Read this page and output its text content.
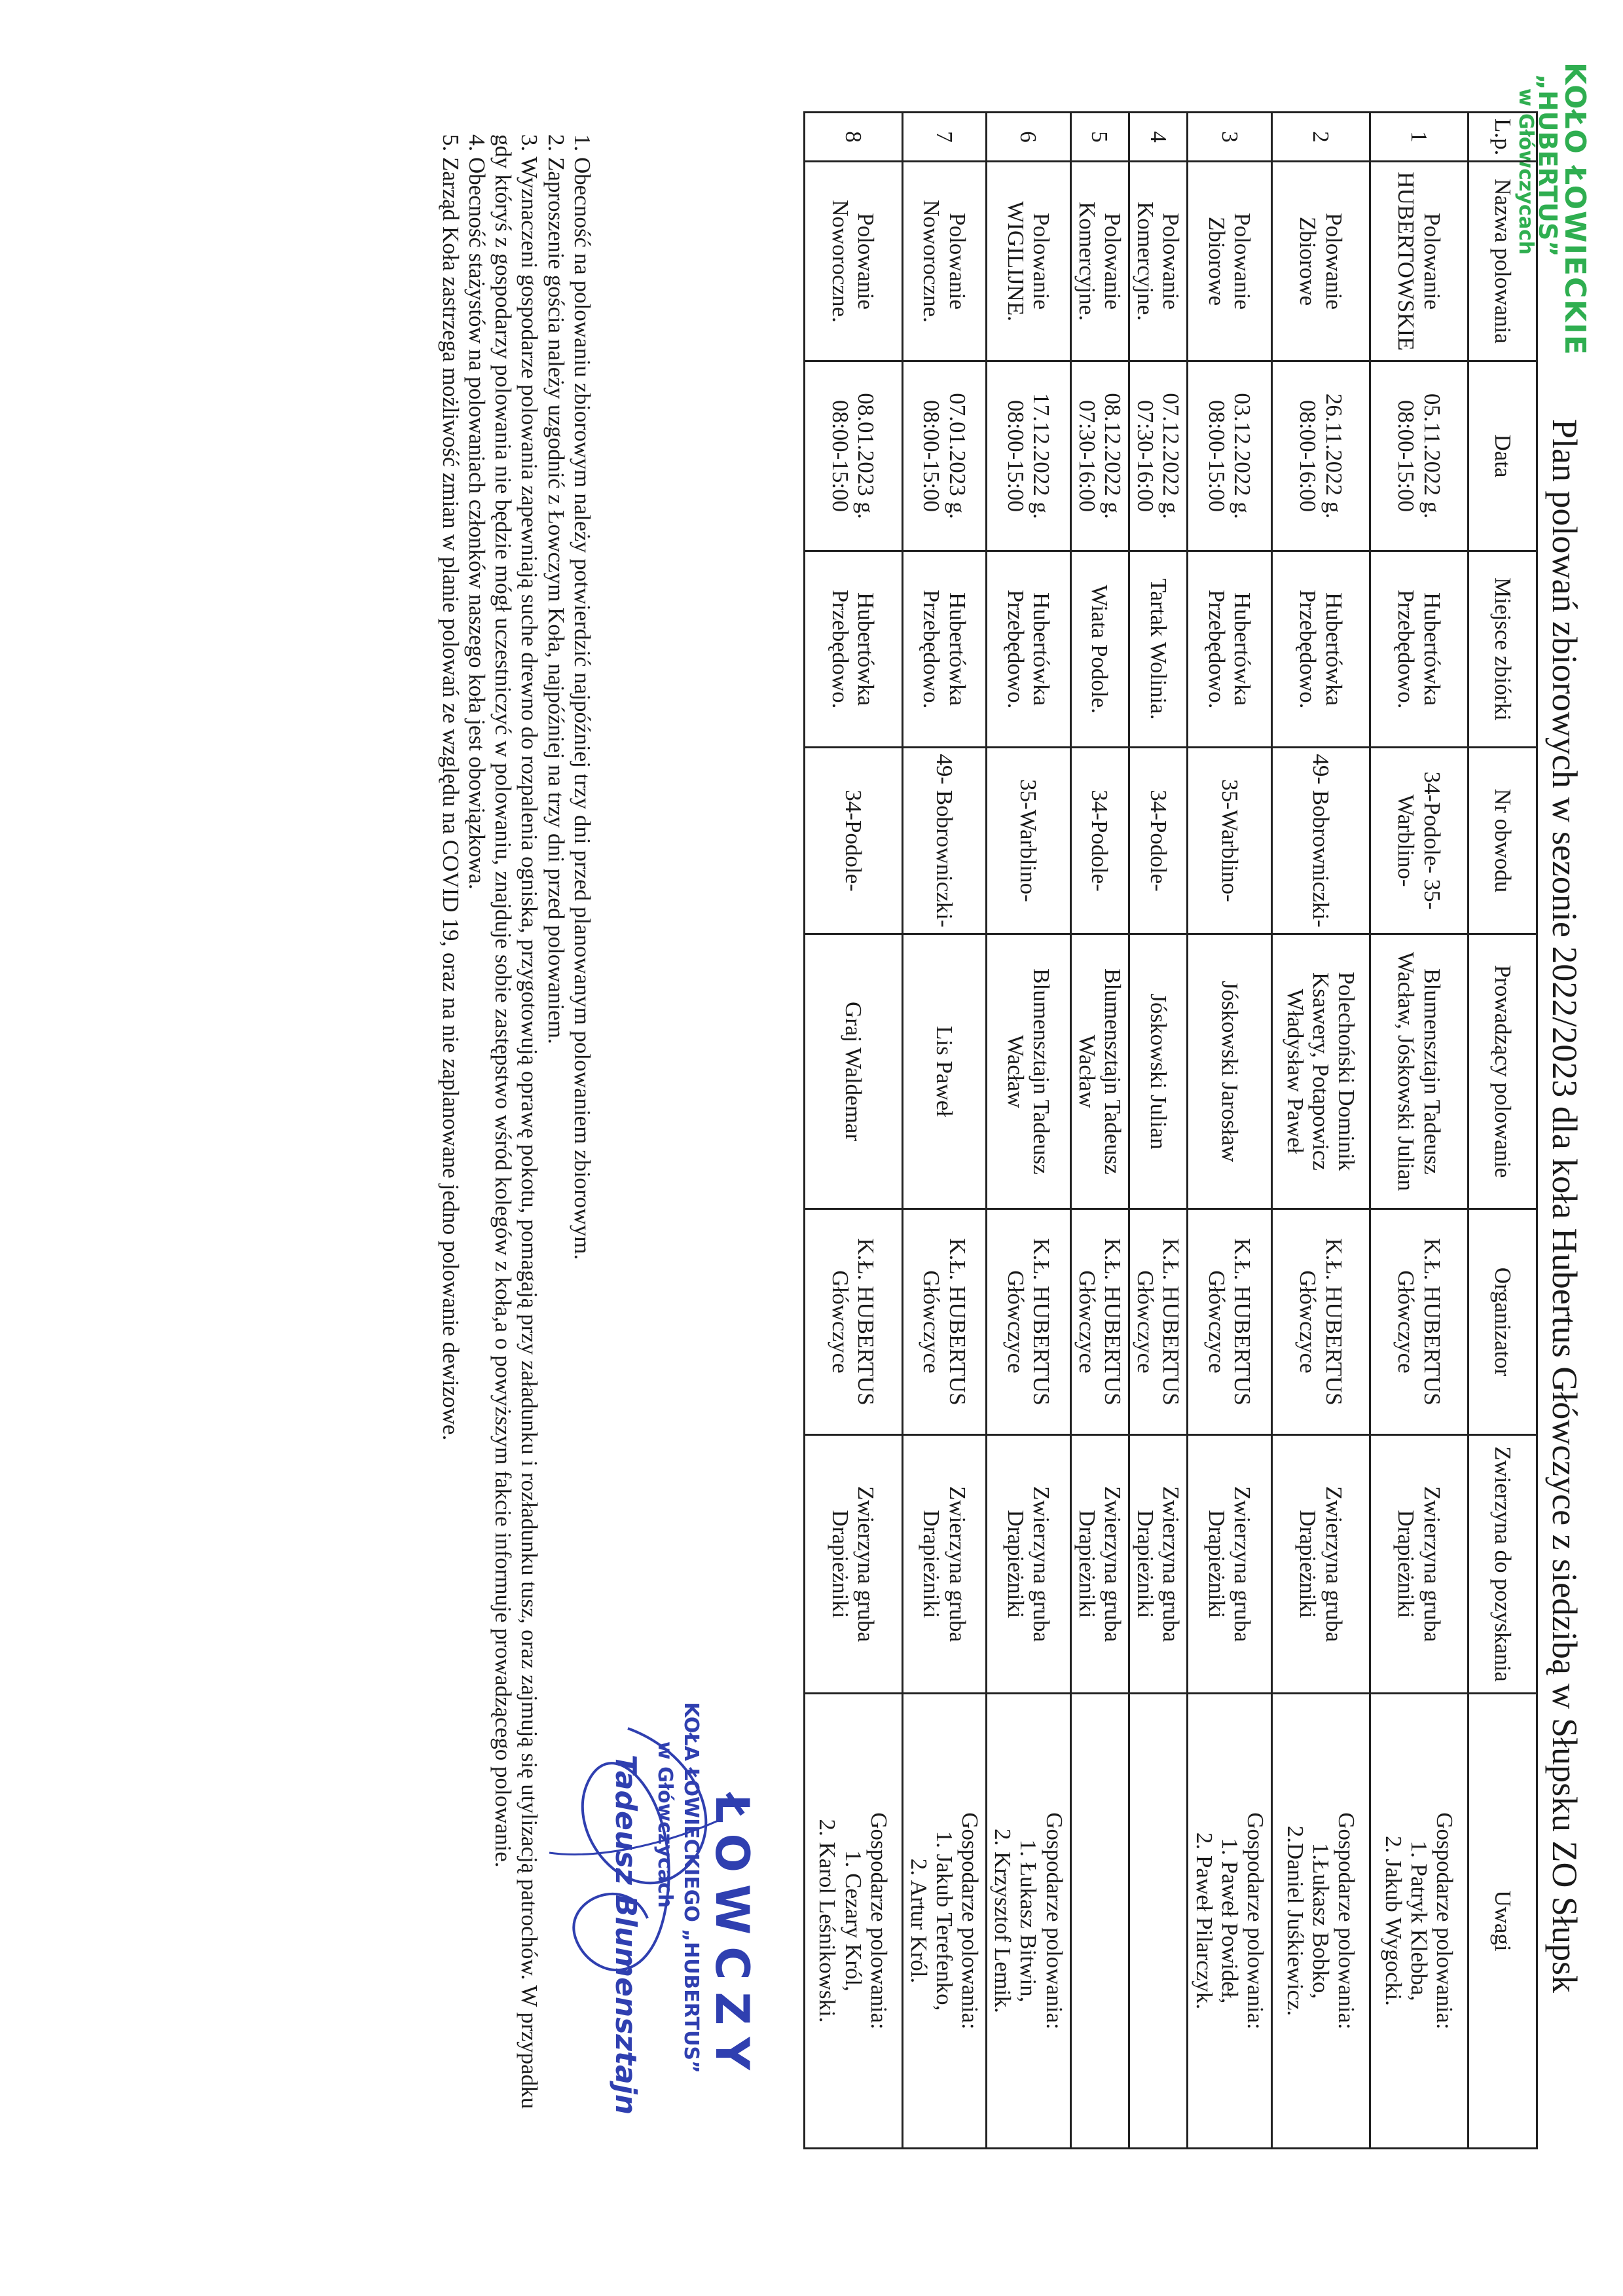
KOŁO ŁOWIECKIE
„HUBERTUS”
w Główczycach
Plan polowań zbiorowych w sezonie 2022/2023 dla koła Hubertus Główczyce z siedzibą w Słupsku ZO Słupsk
L.p.	Nazwa polowania	Data	Miejsce zbiórki	Nr obwodu	Prowadzący polowanie	Organizator	Zwierzyna do pozyskania	Uwagi
1	Polowanie HUBERTOWSKIE	05.11.2022 g. 08:00-15:00	Hubertówka Przebędowo.	34-Podole- 35-Warblino-	Blumensztajn Tadeusz Wacław, Jóskowski Julian	K.Ł. HUBERTUS Główczyce	Zwierzyna gruba Drapieżniki	Gospodarze polowania:
1. Patryk Klebba,
2. Jakub Wygocki.
2	Polowanie Zbiorowe	26.11.2022 g. 08:00-16:00	Hubertówka Przebędowo.	49- Bobrowniczki-	Polechoński Dominik Ksawery, Potapowicz Władysław Paweł	K.Ł. HUBERTUS Główczyce	Zwierzyna gruba Drapieżniki	Gospodarze polowania:
1.Łukasz Bobko,
2.Daniel Juśkiewicz.
3	Polowanie Zbiorowe	03.12.2022 g. 08:00-15:00	Hubertówka Przebędowo.	35-Warblino-	Jóskowski Jarosław	K.Ł. HUBERTUS Główczyce	Zwierzyna gruba Drapieżniki	Gospodarze polowania:
1. Paweł Powideł,
2. Paweł Pilarczyk.
4	Polowanie Komercyjne.	07.12.2022 g. 07:30-16:00	Tartak Wolinia.	34-Podole-	Jóskowski Julian	K.Ł. HUBERTUS Główczyce	Zwierzyna gruba Drapieżniki	
5	Polowanie Komercyjne.	08.12.2022 g. 07:30-16:00	Wiata Podole.	34-Podole-	Blumensztajn Tadeusz Wacław	K.Ł. HUBERTUS Główczyce	Zwierzyna gruba Drapieżniki	
6	Polowanie WIGILIJNE.	17.12.2022 g. 08:00-15:00	Hubertówka Przebędowo.	35-Warblino-	Blumensztajn Tadeusz Wacław	K.Ł. HUBERTUS Główczyce	Zwierzyna gruba Drapieżniki	Gospodarze polowania:
1. Łukasz Bitwin,
2. Krzysztof Lemik.
7	Polowanie Noworoczne.	07.01.2023 g. 08:00-15:00	Hubertówka Przebędowo.	49- Bobrowniczki-	Lis Paweł	K.Ł. HUBERTUS Główczyce	Zwierzyna gruba Drapieżniki	Gospodarze polowania:
1. Jakub Terefenko,
2. Artur Król.
8	Polowanie Noworoczne.	08.01.2023 g. 08:00-15:00	Hubertówka Przebędowo.	34-Podole-	Graj Waldemar	K.Ł. HUBERTUS Główczyce	Zwierzyna gruba Drapieżniki	Gospodarze polowania:
1. Cezary Król,
2. Karol Leśnikowski.

1. Obecność na polowaniu zbiorowym należy potwierdzić najpóźniej trzy dni przed planowanym polowaniem zbiorowym.

2. Zaproszenie gościa należy uzgodnić z Łowczym Koła, najpóźniej na trzy dni przed polowaniem.

3. Wyznaczeni gospodarze polowania zapewniają suche drewno do rozpalenia ogniska, przygotowują oprawę pokotu, pomagają przy załadunku i rozładunku tusz, oraz zajmują się utylizacją patrochów. W przypadku gdy któryś z gospodarzy polowania nie będzie mógł uczestniczyć w polowaniu, znajduje sobie zastępstwo wśród kolegów z koła,a o powyższym fakcie informuje prowadzącego polowanie.

4. Obecność stażystów na polowaniach członków naszego koła jest obowiązkowa.

5. Zarząd Koła zastrzega możliwość zmian w planie polowań ze względu na COVID 19, oraz na nie zaplanowane jedno polowanie dewizowe.

ŁOWCZY
KOŁA ŁOWIECKIEGO „HUBERTUS”
w Główczycach
Tadeusz Blumensztajn
